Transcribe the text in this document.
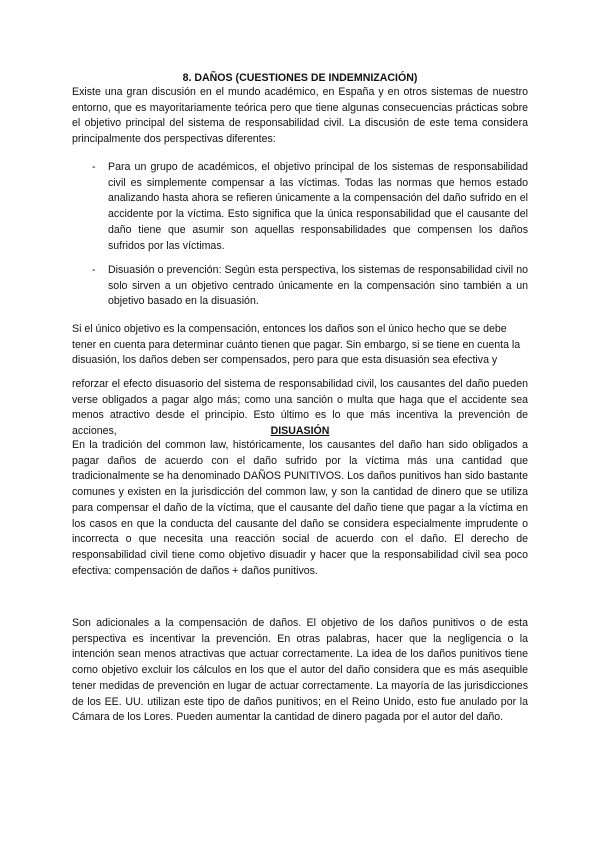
8. DAÑOS (CUESTIONES DE INDEMNIZACIÓN)

Existe una gran discusión en el mundo académico, en España y en otros sistemas de nuestro entorno, que es mayoritariamente teórica pero que tiene algunas consecuencias prácticas sobre el objetivo principal del sistema de responsabilidad civil. La discusión de este tema considera principalmente dos perspectivas diferentes:

- Para un grupo de académicos, el objetivo principal de los sistemas de responsabilidad civil es simplemente compensar a las víctimas. Todas las normas que hemos estado analizando hasta ahora se refieren únicamente a la compensación del daño sufrido en el accidente por la víctima. Esto significa que la única responsabilidad que el causante del daño tiene que asumir son aquellas responsabilidades que compensen los daños sufridos por las víctimas.

- Disuasión o prevención: Según esta perspectiva, los sistemas de responsabilidad civil no solo sirven a un objetivo centrado únicamente en la compensación sino también a un objetivo basado en la disuasión.

Si el único objetivo es la compensación, entonces los daños son el único hecho que se debe tener en cuenta para determinar cuánto tienen que pagar. Sin embargo, si se tiene en cuenta la disuasión, los daños deben ser compensados, pero para que esta disuasión sea efectiva y

reforzar el efecto disuasorio del sistema de responsabilidad civil, los causantes del daño pueden verse obligados a pagar algo más; como una sanción o multa que haga que el accidente sea menos atractivo desde el principio. Esto último es lo que más incentiva la prevención de acciones,	DISUASIÓN

En la tradición del common law, históricamente, los causantes del daño han sido obligados a pagar daños de acuerdo con el daño sufrido por la víctima más una cantidad que tradicionalmente se ha denominado DAÑOS PUNITIVOS. Los daños punitivos han sido bastante comunes y existen en la jurisdicción del common law, y son la cantidad de dinero que se utiliza para compensar el daño de la víctima, que el causante del daño tiene que pagar a la víctima en los casos en que la conducta del causante del daño se considera especialmente imprudente o incorrecta o que necesita una reacción social de acuerdo con el daño. El derecho de responsabilidad civil tiene como objetivo disuadir y hacer que la responsabilidad civil sea poco efectiva: compensación de daños + daños punitivos.

Son adicionales a la compensación de daños. El objetivo de los daños punitivos o de esta perspectiva es incentivar la prevención. En otras palabras, hacer que la negligencia o la intención sean menos atractivas que actuar correctamente. La idea de los daños punitivos tiene como objetivo excluir los cálculos en los que el autor del daño considera que es más asequible tener medidas de prevención en lugar de actuar correctamente. La mayoría de las jurisdicciones de los EE. UU. utilizan este tipo de daños punitivos; en el Reino Unido, esto fue anulado por la Cámara de los Lores. Pueden aumentar la cantidad de dinero pagada por el autor del daño.
